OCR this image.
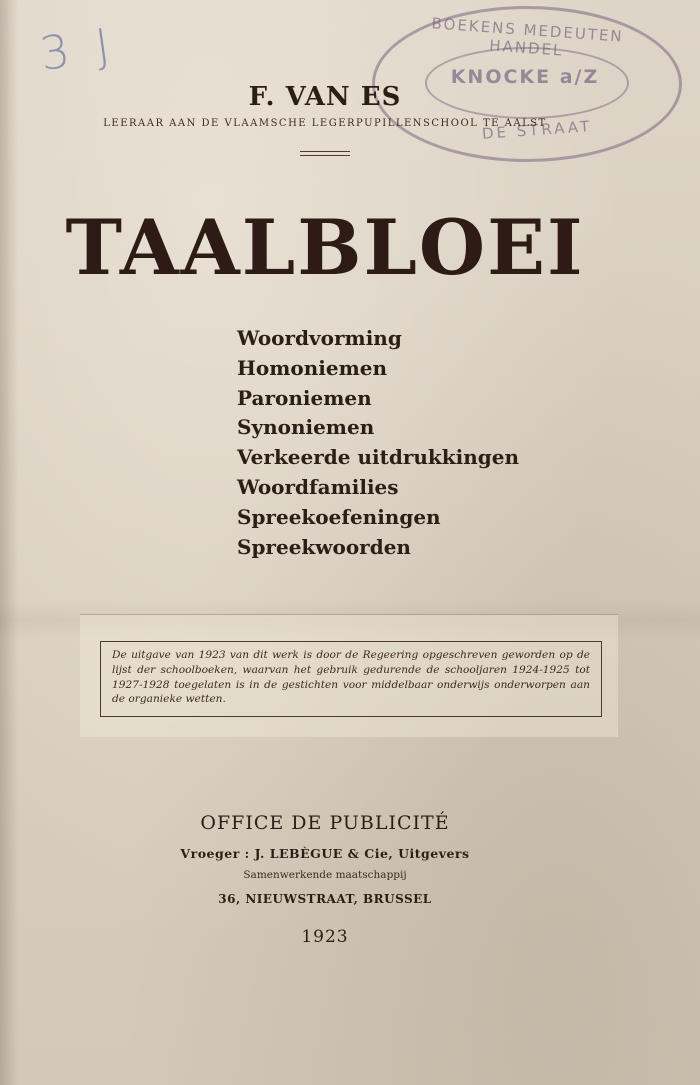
3 J	BOEKENS MEDEUTEN HANDEL
KNOCKE a/Z
DE STRAAT
F. VAN ES
LEERAAR AAN DE VLAAMSCHE LEGERPUPILLENSCHOOL TE AALST
TAALBLOEI
Woordvorming
Homoniemen
Paroniemen
Synoniemen
Verkeerde uitdrukkingen
Woordfamilies
Spreekoefeningen
Spreekwoorden
De uitgave van 1923 van dit werk is door de Regeering opgeschreven geworden op de lijst der schoolboeken, waarvan het gebruik gedurende de schooljaren 1924-1925 tot 1927-1928 toegelaten is in de gestichten voor middelbaar onderwijs onderworpen aan de organieke wetten.
OFFICE DE PUBLICITÉ
Vroeger : J. LEBÈGUE & Cie, Uitgevers
Samenwerkende maatschappij
36, NIEUWSTRAAT, BRUSSEL
1923
